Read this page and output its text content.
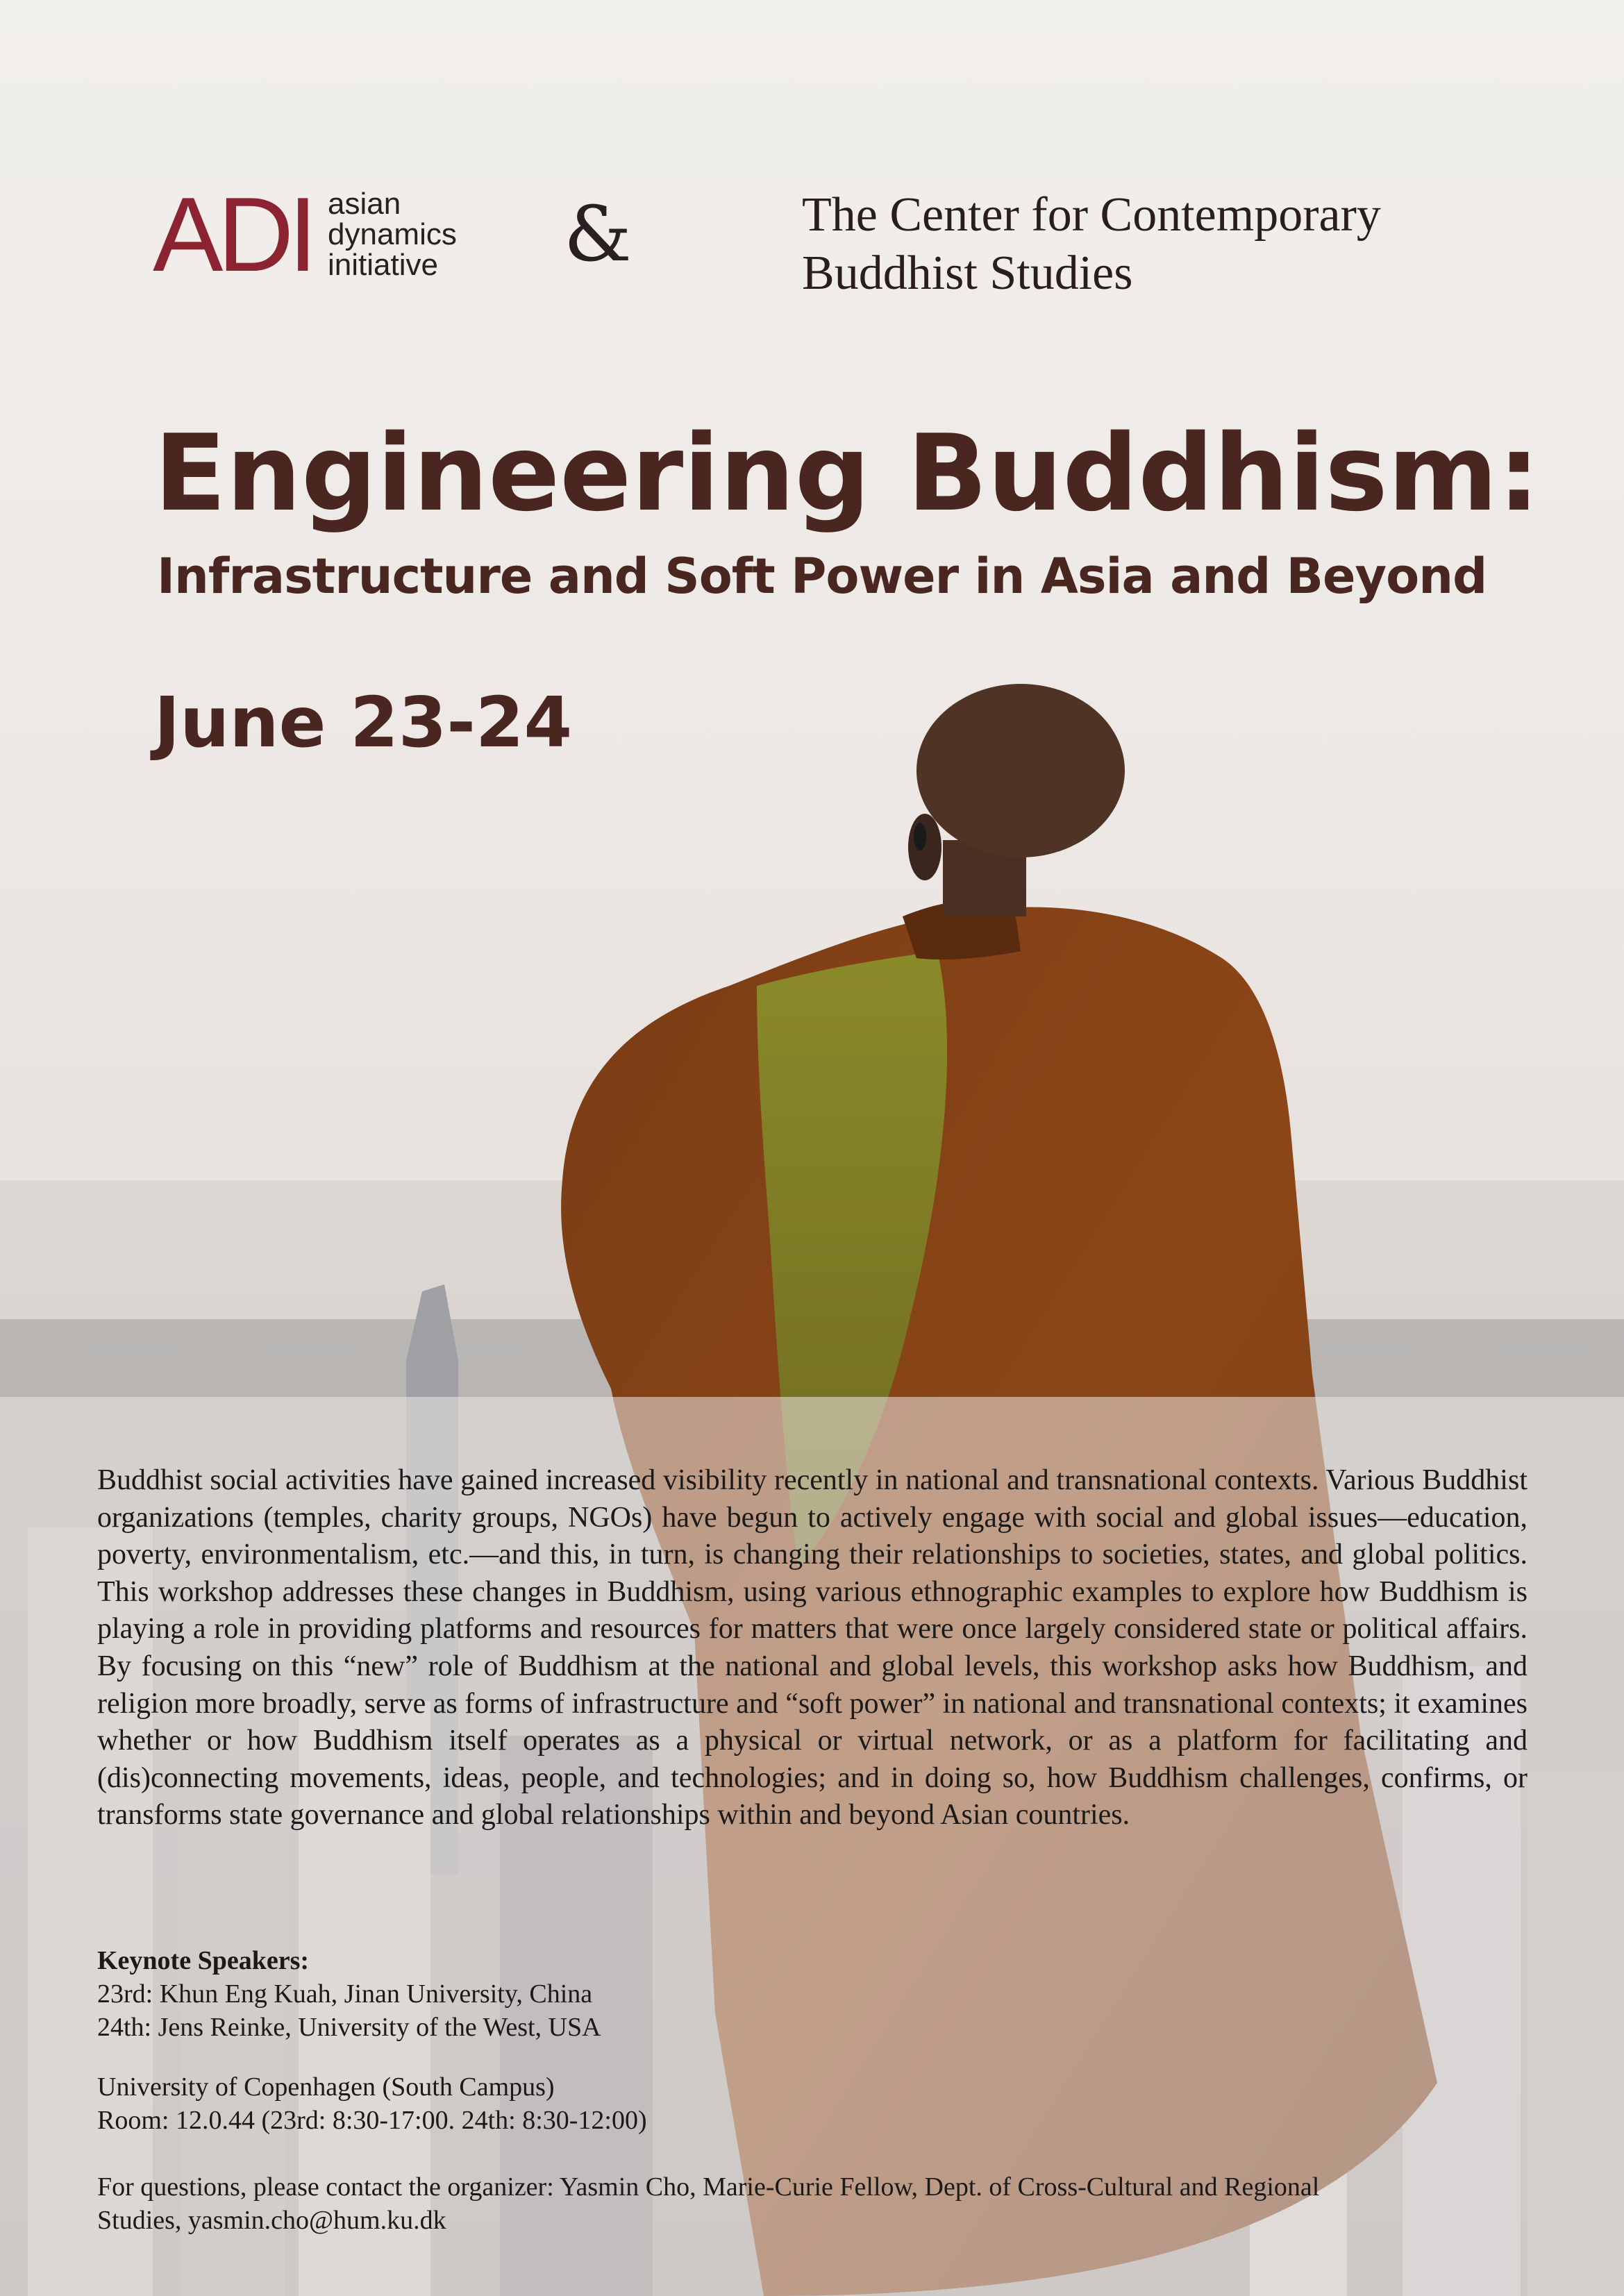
ADI asian
dynamics
initiative &	The Center for Contemporary
Buddhist Studies
Engineering Buddhism:
Infrastructure and Soft Power in Asia and Beyond
June 23-24
Buddhist social activities have gained increased visibility recently in national and transnational contexts. Various Buddhist organizations (temples, charity groups, NGOs) have begun to actively engage with social and global issues—education, poverty, environmentalism, etc.—and this, in turn, is changing their relationships to societies, states, and global politics. This workshop addresses these changes in Buddhism, using various ethnographic examples to explore how Buddhism is playing a role in providing platforms and resources for matters that were once largely considered state or political affairs. By focusing on this “new” role of Buddhism at the national and global levels, this workshop asks how Buddhism, and religion more broadly, serve as forms of infrastructure and “soft power” in national and transnational contexts; it examines whether or how Buddhism itself operates as a physical or virtual network, or as a platform for facilitating and (dis)connecting movements, ideas, people, and technologies; and in doing so, how Buddhism challenges, confirms, or transforms state governance and global relationships within and beyond Asian countries.
Keynote Speakers:
23rd: Khun Eng Kuah, Jinan University, China
24th: Jens Reinke, University of the West, USA
University of Copenhagen (South Campus)
Room: 12.0.44 (23rd: 8:30-17:00. 24th: 8:30-12:00)
For questions, please contact the organizer: Yasmin Cho, Marie-Curie Fellow, Dept. of Cross-Cultural and Regional
Studies, yasmin.cho@hum.ku.dk
